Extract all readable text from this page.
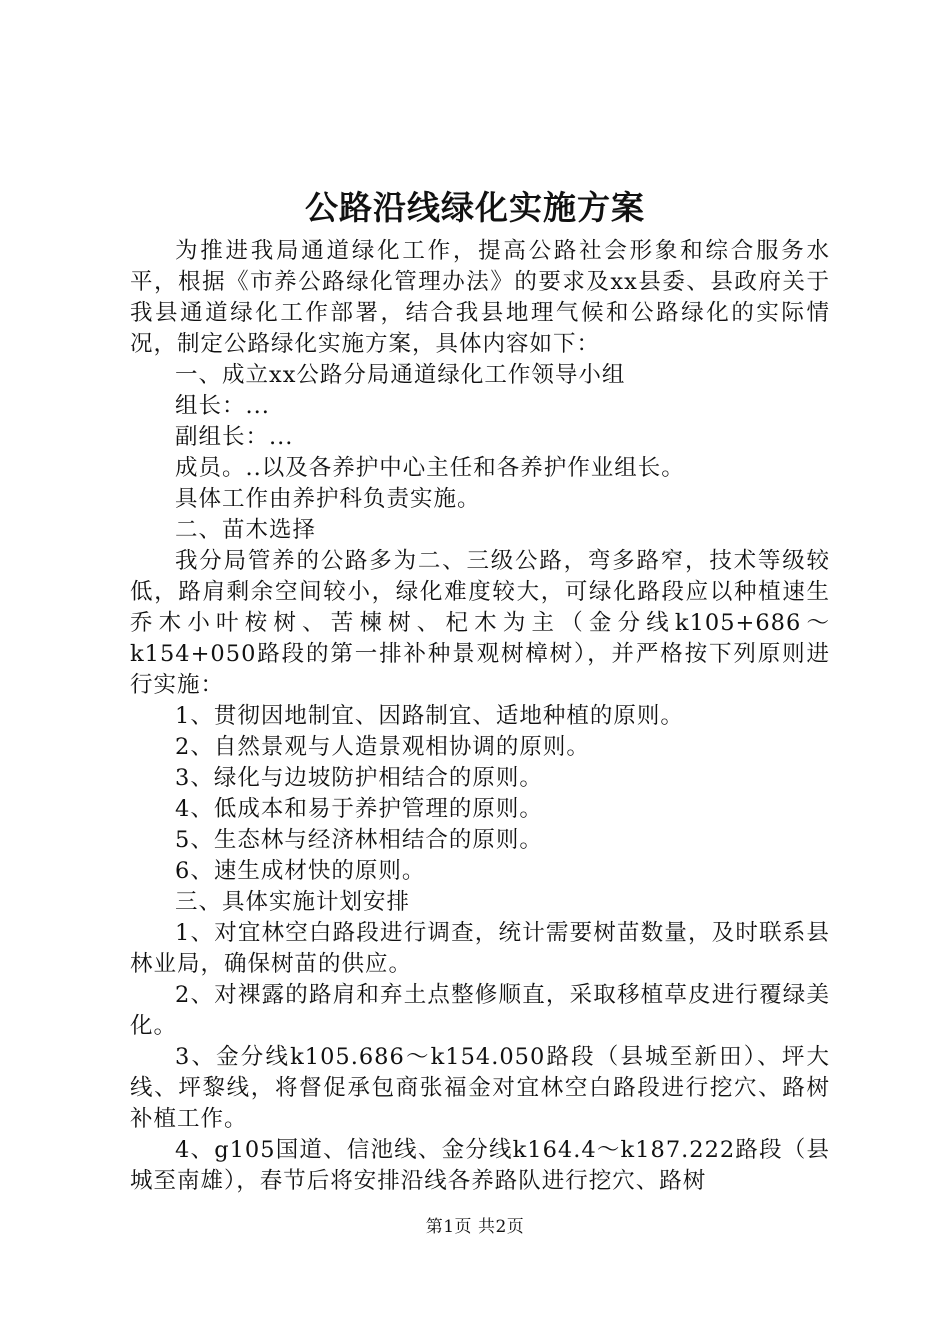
公路沿线绿化实施方案

为推进我局通道绿化工作，提高公路社会形象和综合服务水平，根据《市养公路绿化管理办法》的要求及xx县委、县政府关于我县通道绿化工作部署，结合我县地理气候和公路绿化的实际情况，制定公路绿化实施方案，具体内容如下：

一、成立xx公路分局通道绿化工作领导小组

组长：...

副组长：...

成员。..以及各养护中心主任和各养护作业组长。

具体工作由养护科负责实施。

二、苗木选择

我分局管养的公路多为二、三级公路，弯多路窄，技术等级较低，路肩剩余空间较小，绿化难度较大，可绿化路段应以种植速生乔木小叶桉树、苦楝树、杞木为主（金分线k105+686～k154+050路段的第一排补种景观树樟树），并严格按下列原则进行实施：

1、贯彻因地制宜、因路制宜、适地种植的原则。

2、自然景观与人造景观相协调的原则。

3、绿化与边坡防护相结合的原则。

4、低成本和易于养护管理的原则。

5、生态林与经济林相结合的原则。

6、速生成材快的原则。

三、具体实施计划安排

1、对宜林空白路段进行调查，统计需要树苗数量，及时联系县林业局，确保树苗的供应。

2、对裸露的路肩和弃土点整修顺直，采取移植草皮进行覆绿美化。

3、金分线k105.686～k154.050路段（县城至新田）、坪大线、坪黎线，将督促承包商张福金对宜林空白路段进行挖穴、路树补植工作。

4、g105国道、信池线、金分线k164.4～k187.222路段（县城至南雄），春节后将安排沿线各养路队进行挖穴、路树

第1页 共2页
